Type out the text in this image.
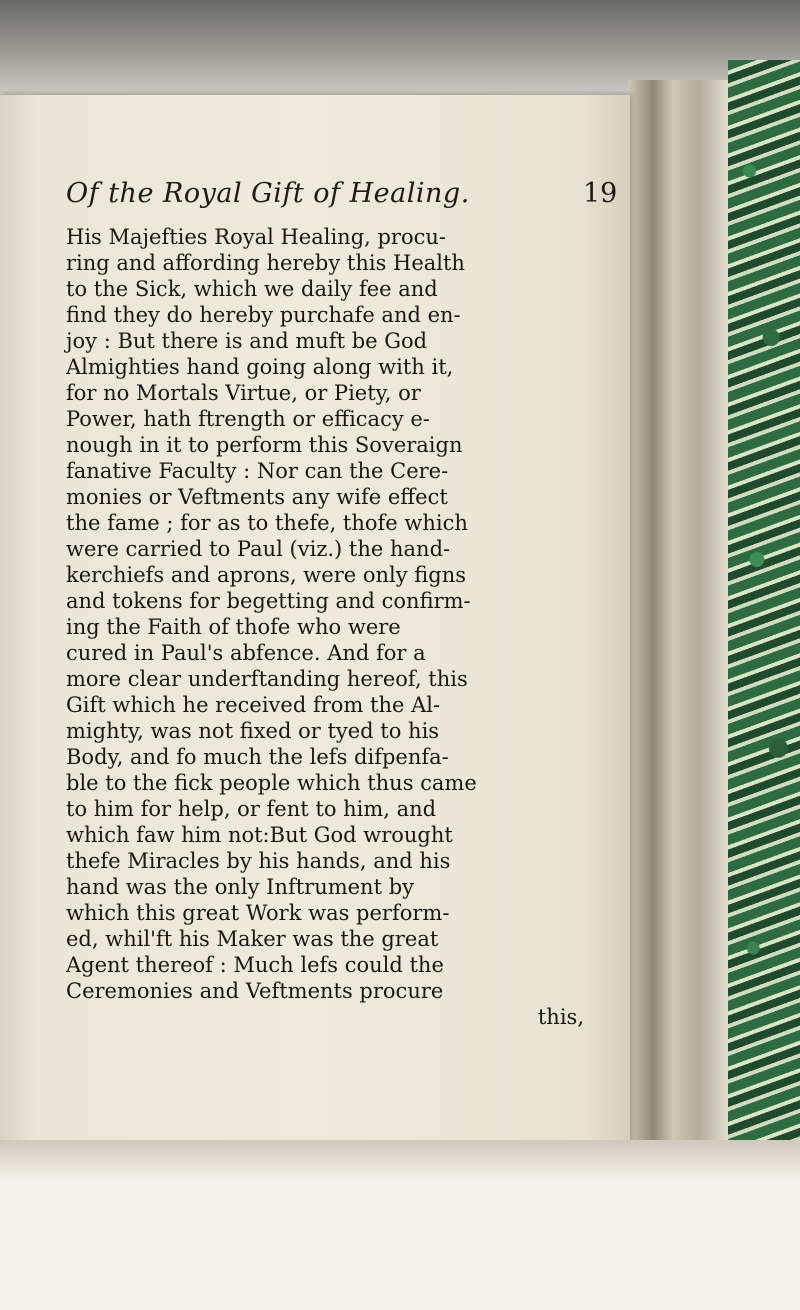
Of the Royal Gift of Healing.	19
His Majefties Royal Healing, procu-
ring and affording hereby this Health
to the Sick, which we daily fee and
find they do hereby purchafe and en-
joy : But there is and muft be God
Almighties hand going along with it,
for no Mortals Virtue, or Piety, or
Power, hath ftrength or efficacy e-
nough in it to perform this Soveraign
fanative Faculty : Nor can the Cere-
monies or Veftments any wife effect
the fame ; for as to thefe, thofe which
were carried to Paul (viz.) the hand-
kerchiefs and aprons, were only figns
and tokens for begetting and confirm-
ing the Faith of thofe who were
cured in Paul's abfence. And for a
more clear underftanding hereof, this
Gift which he received from the Al-
mighty, was not fixed or tyed to his
Body, and fo much the lefs difpenfa-
ble to the fick people which thus came
to him for help, or fent to him, and
which faw him not:But God wrought
thefe Miracles by his hands, and his
hand was the only Inftrument by
which this great Work was perform-
ed, whil'ft his Maker was the great
Agent thereof : Much lefs could the
Ceremonies and Veftments procure
this,
